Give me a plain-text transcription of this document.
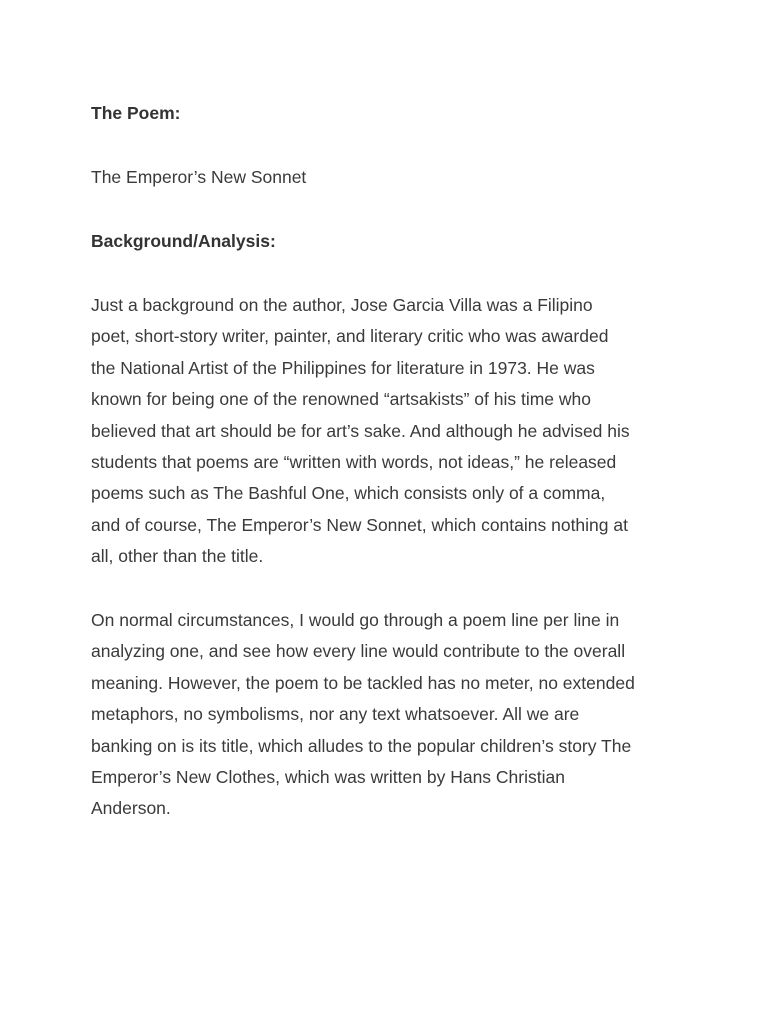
The Poem:

The Emperor’s New Sonnet

Background/Analysis:

Just a background on the author, Jose Garcia Villa was a Filipino
poet, short-story writer, painter, and literary critic who was awarded
the National Artist of the Philippines for literature in 1973. He was
known for being one of the renowned “artsakists” of his time who
believed that art should be for art’s sake. And although he advised his
students that poems are “written with words, not ideas,” he released
poems such as The Bashful One, which consists only of a comma,
and of course, The Emperor’s New Sonnet, which contains nothing at
all, other than the title.
On normal circumstances, I would go through a poem line per line in
analyzing one, and see how every line would contribute to the overall
meaning. However, the poem to be tackled has no meter, no extended
metaphors, no symbolisms, nor any text whatsoever. All we are
banking on is its title, which alludes to the popular children’s story The
Emperor’s New Clothes, which was written by Hans Christian
Anderson.
